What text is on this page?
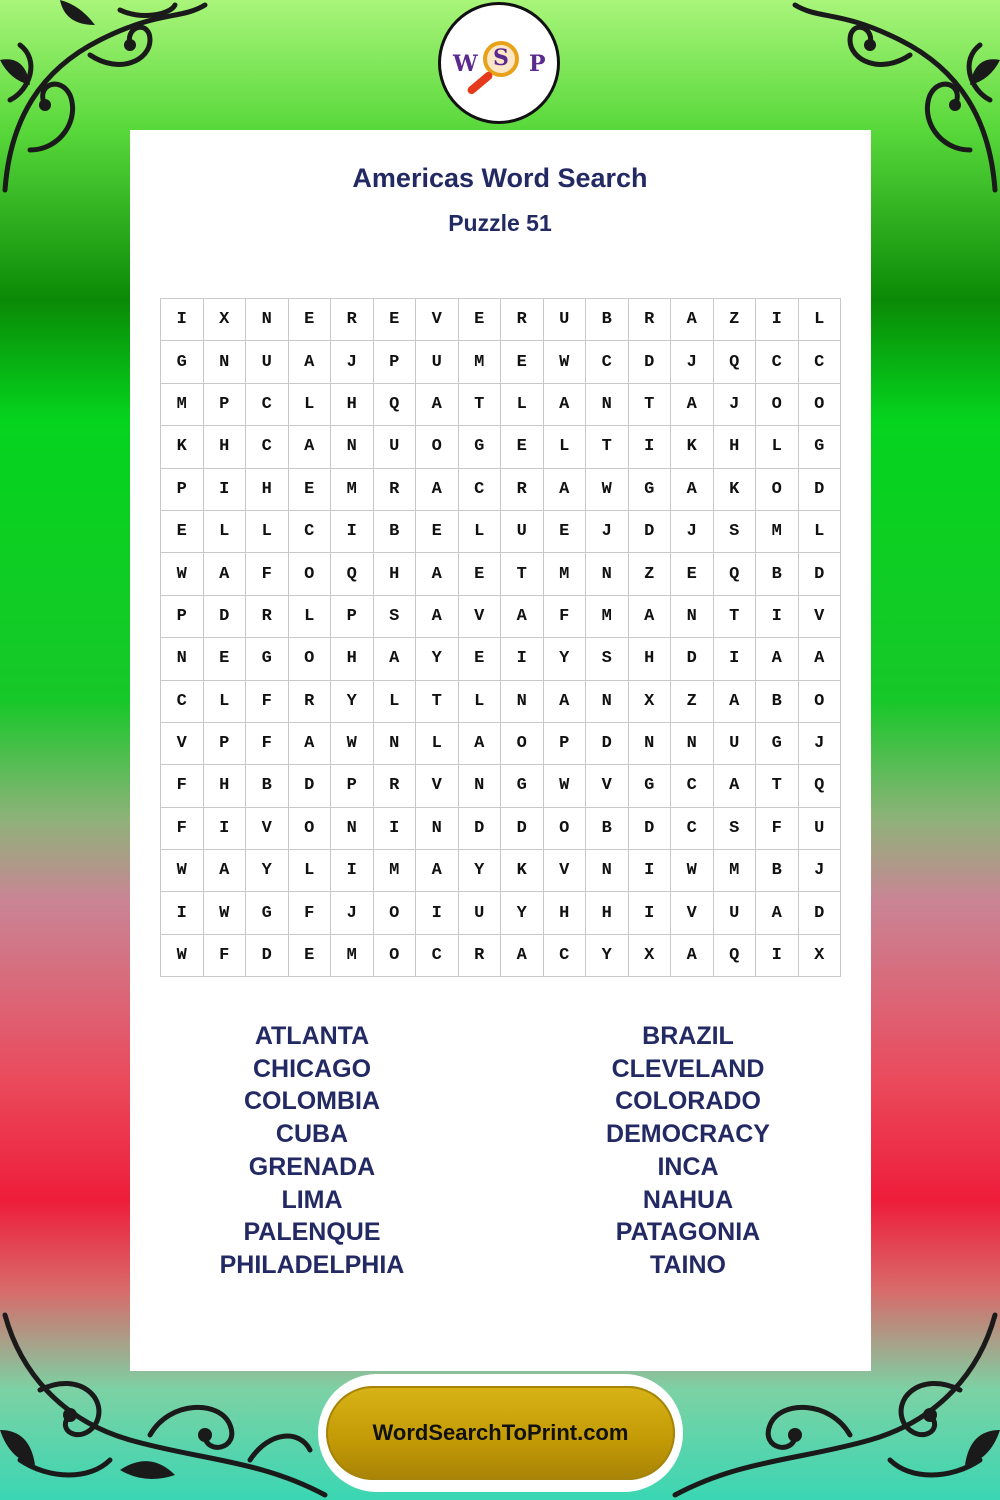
W S P
Americas Word Search
Puzzle 51
I	X	N	E	R	E	V	E	R	U	B	R	A	Z	I	L
G	N	U	A	J	P	U	M	E	W	C	D	J	Q	C	C
M	P	C	L	H	Q	A	T	L	A	N	T	A	J	O	O
K	H	C	A	N	U	O	G	E	L	T	I	K	H	L	G
P	I	H	E	M	R	A	C	R	A	W	G	A	K	O	D
E	L	L	C	I	B	E	L	U	E	J	D	J	S	M	L
W	A	F	O	Q	H	A	E	T	M	N	Z	E	Q	B	D
P	D	R	L	P	S	A	V	A	F	M	A	N	T	I	V
N	E	G	O	H	A	Y	E	I	Y	S	H	D	I	A	A
C	L	F	R	Y	L	T	L	N	A	N	X	Z	A	B	O
V	P	F	A	W	N	L	A	O	P	D	N	N	U	G	J
F	H	B	D	P	R	V	N	G	W	V	G	C	A	T	Q
F	I	V	O	N	I	N	D	D	O	B	D	C	S	F	U
W	A	Y	L	I	M	A	Y	K	V	N	I	W	M	B	J
I	W	G	F	J	O	I	U	Y	H	H	I	V	U	A	D
W	F	D	E	M	O	C	R	A	C	Y	X	A	Q	I	X
ATLANTA
CHICAGO
COLOMBIA
CUBA
GRENADA
LIMA
PALENQUE
PHILADELPHIA
BRAZIL
CLEVELAND
COLORADO
DEMOCRACY
INCA
NAHUA
PATAGONIA
TAINO
WordSearchToPrint.com
